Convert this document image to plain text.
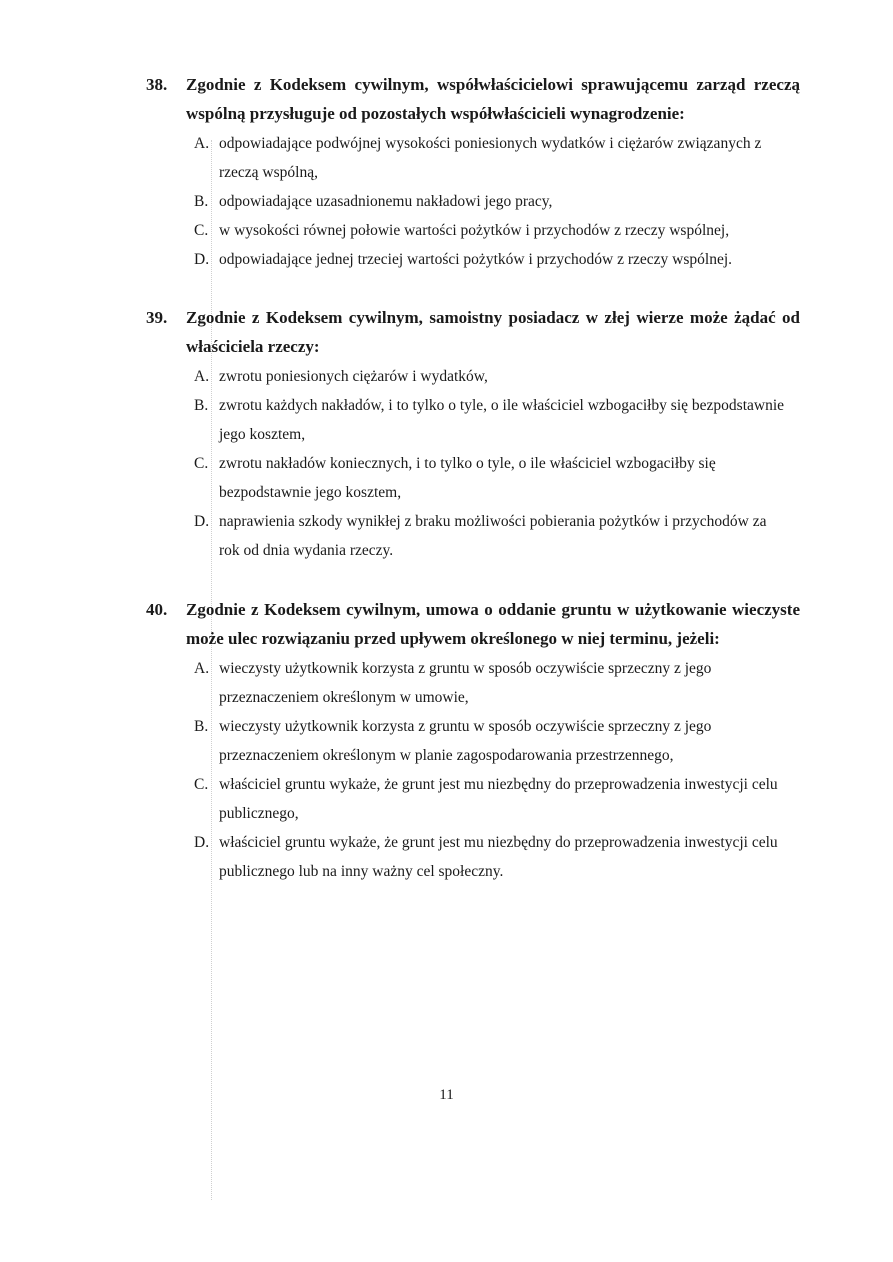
38. Zgodnie z Kodeksem cywilnym, współwłaścicielowi sprawującemu zarząd rzeczą wspólną przysługuje od pozostałych współwłaścicieli wynagrodzenie:
A. odpowiadające podwójnej wysokości poniesionych wydatków i ciężarów związanych z rzeczą wspólną,
B. odpowiadające uzasadnionemu nakładowi jego pracy,
C. w wysokości równej połowie wartości pożytków i przychodów z rzeczy wspólnej,
D. odpowiadające jednej trzeciej wartości pożytków i przychodów z rzeczy wspólnej.
39. Zgodnie z Kodeksem cywilnym, samoistny posiadacz w złej wierze może żądać od właściciela rzeczy:
A. zwrotu poniesionych ciężarów i wydatków,
B. zwrotu każdych nakładów, i to tylko o tyle, o ile właściciel wzbogaciłby się bezpodstawnie jego kosztem,
C. zwrotu nakładów koniecznych, i to tylko o tyle, o ile właściciel wzbogaciłby się bezpodstawnie jego kosztem,
D. naprawienia szkody wynikłej z braku możliwości pobierania pożytków i przychodów za rok od dnia wydania rzeczy.
40. Zgodnie z Kodeksem cywilnym, umowa o oddanie gruntu w użytkowanie wieczyste może ulec rozwiązaniu przed upływem określonego w niej terminu, jeżeli:
A. wieczysty użytkownik korzysta z gruntu w sposób oczywiście sprzeczny z jego przeznaczeniem określonym w umowie,
B. wieczysty użytkownik korzysta z gruntu w sposób oczywiście sprzeczny z jego przeznaczeniem określonym w planie zagospodarowania przestrzennego,
C. właściciel gruntu wykaże, że grunt jest mu niezbędny do przeprowadzenia inwestycji celu publicznego,
D. właściciel gruntu wykaże, że grunt jest mu niezbędny do przeprowadzenia inwestycji celu publicznego lub na inny ważny cel społeczny.
11
